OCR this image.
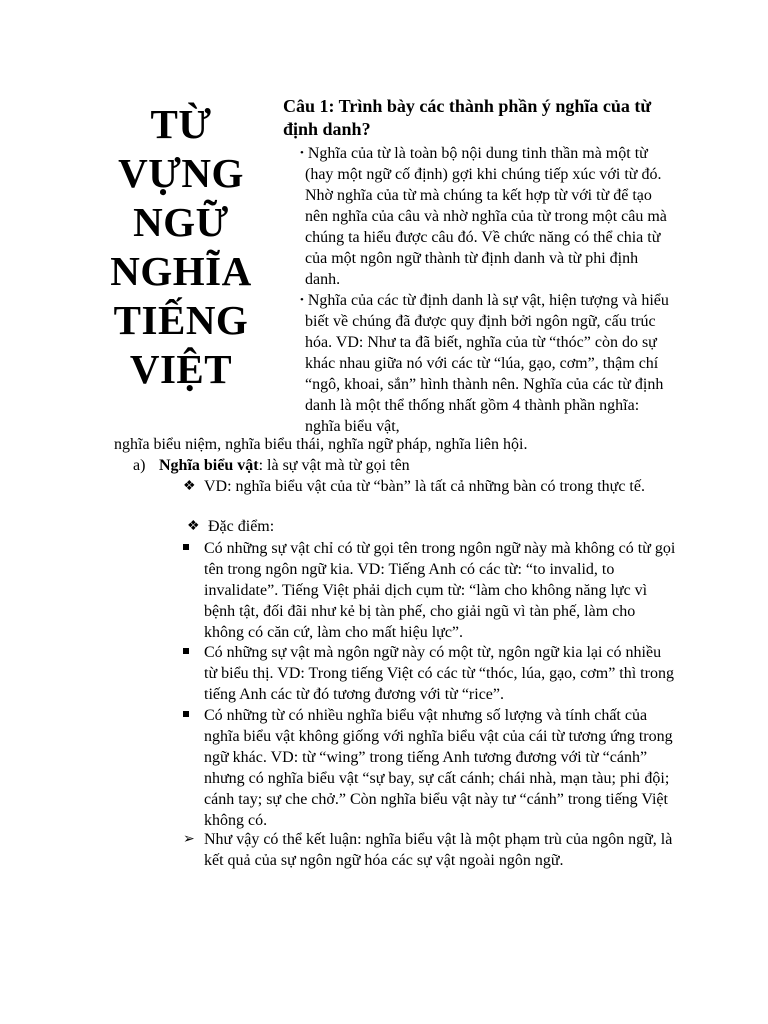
TỪ
VỰNG
NGỮ
NGHĨA
TIẾNG
VIỆT
Câu 1: Trình bày các thành phần ý nghĩa của từ định danh?

• Nghĩa của từ là toàn bộ nội dung tinh thần mà một từ (hay một ngữ cố định) gợi khi chúng tiếp xúc với từ đó. Nhờ nghĩa của từ mà chúng ta kết hợp từ với từ để tạo nên nghĩa của câu và nhờ nghĩa của từ trong một câu mà chúng ta hiểu được câu đó. Về chức năng có thể chia từ của một ngôn ngữ thành từ định danh và từ phi định danh.

• Nghĩa của các từ định danh là sự vật, hiện tượng và hiểu biết về chúng đã được quy định bởi ngôn ngữ, cấu trúc hóa. VD: Như ta đã biết, nghĩa của từ “thóc” còn do sự khác nhau giữa nó với các từ “lúa, gạo, cơm”, thậm chí “ngô, khoai, sắn” hình thành nên. Nghĩa của các từ định danh là một thể thống nhất gồm 4 thành phần nghĩa: nghĩa biểu vật,

nghĩa biểu niệm, nghĩa biểu thái, nghĩa ngữ pháp, nghĩa liên hội.
a) Nghĩa biểu vật: là sự vật mà từ gọi tên
❖ VD: nghĩa biểu vật của từ “bàn” là tất cả những bàn có trong thực tế.
❖ Đặc điểm:
Có những sự vật chỉ có từ gọi tên trong ngôn ngữ này mà không có từ gọi tên trong ngôn ngữ kia. VD: Tiếng Anh có các từ: “to invalid, to invalidate”. Tiếng Việt phải dịch cụm từ: “làm cho không năng lực vì bệnh tật, đối đãi như kẻ bị tàn phế, cho giải ngũ vì tàn phế, làm cho không có căn cứ, làm cho mất hiệu lực”.
Có những sự vật mà ngôn ngữ này có một từ, ngôn ngữ kia lại có nhiều từ biểu thị. VD: Trong tiếng Việt có các từ “thóc, lúa, gạo, cơm” thì trong tiếng Anh các từ đó tương đương với từ “rice”.
Có những từ có nhiều nghĩa biểu vật nhưng số lượng và tính chất của nghĩa biểu vật không giống với nghĩa biểu vật của cái từ tương ứng trong ngữ khác. VD: từ “wing” trong tiếng Anh tương đương với từ “cánh” nhưng có nghĩa biểu vật “sự bay, sự cất cánh; chái nhà, mạn tàu; phi đội; cánh tay; sự che chở.” Còn nghĩa biểu vật này tư “cánh” trong tiếng Việt không có.
➢ Như vậy có thể kết luận: nghĩa biểu vật là một phạm trù của ngôn ngữ, là kết quả của sự ngôn ngữ hóa các sự vật ngoài ngôn ngữ.
